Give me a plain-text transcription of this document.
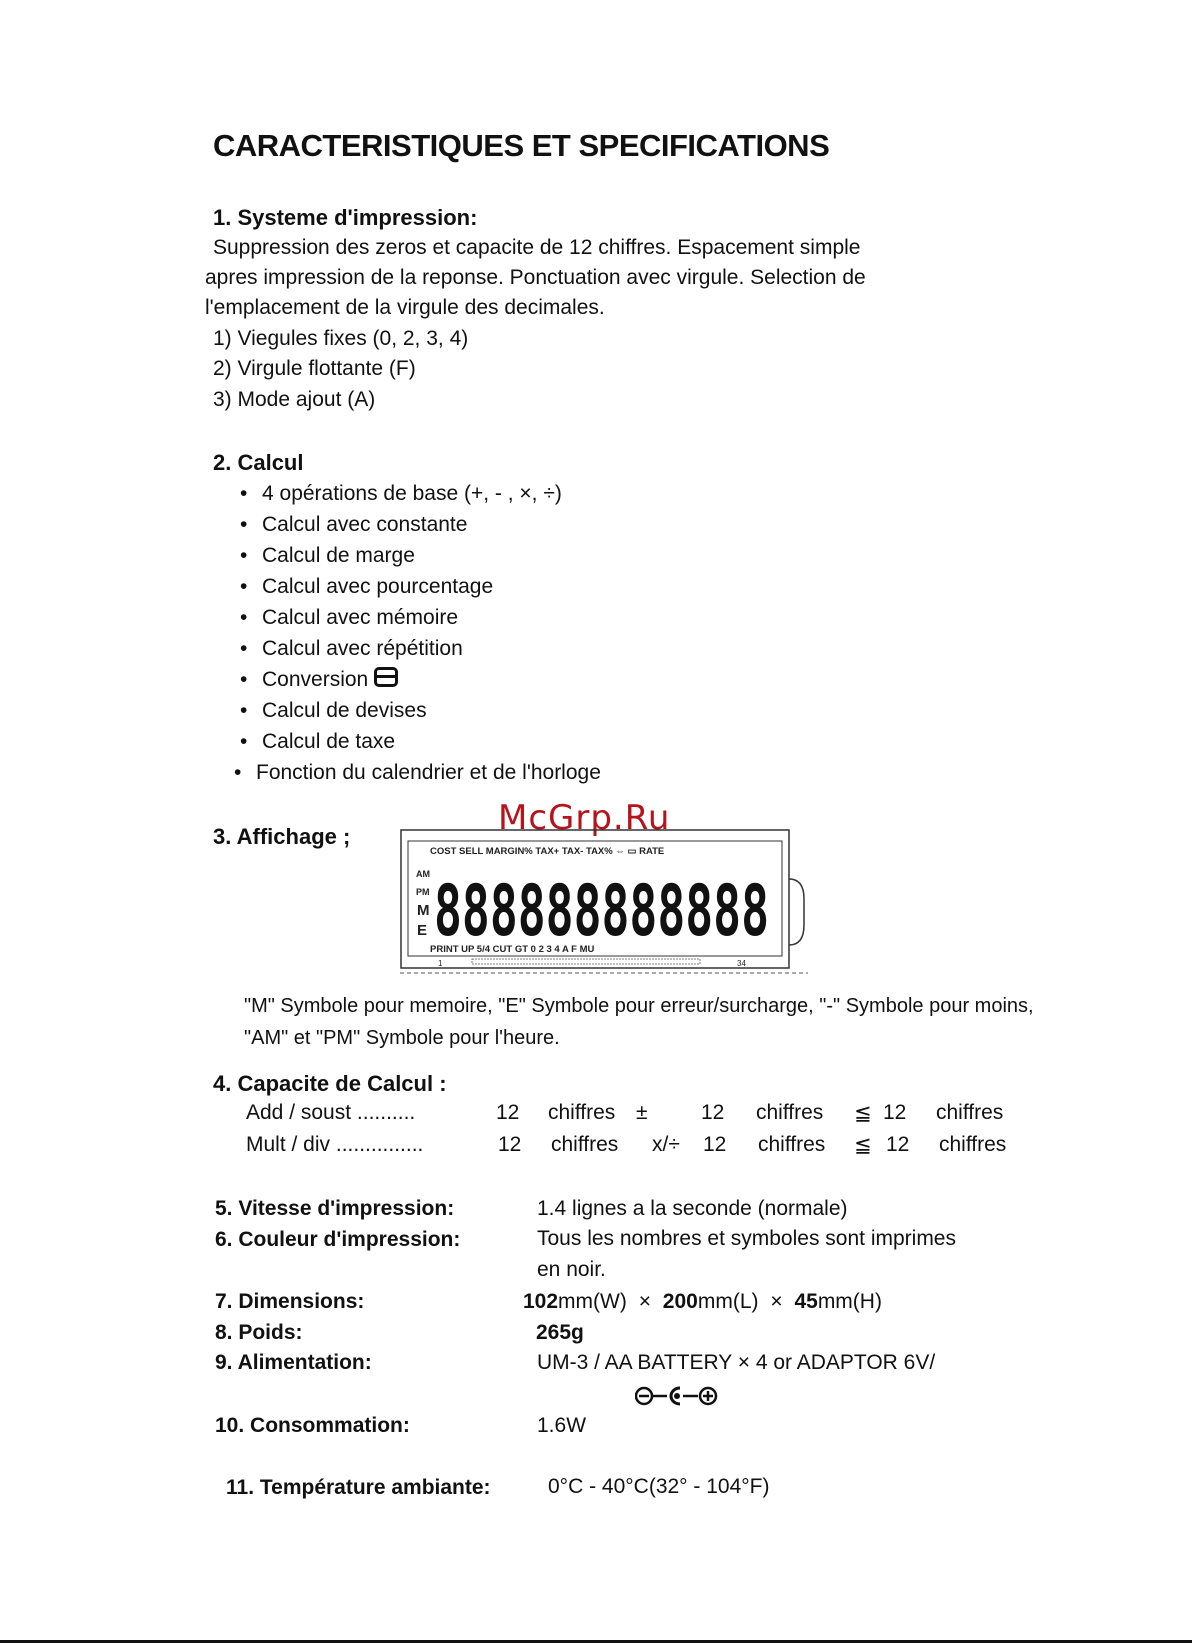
CARACTERISTIQUES ET SPECIFICATIONS
1. Systeme d'impression:
Suppression des zeros et capacite de 12 chiffres. Espacement simple
apres impression de la reponse. Ponctuation avec virgule. Selection de
l'emplacement de la virgule des decimales.
1) Viegules fixes (0, 2, 3, 4)
2) Virgule flottante (F)
3) Mode ajout (A)
2. Calcul
• 4 opérations de base (+, - , ×, ÷)
• Calcul avec constante
• Calcul de marge
• Calcul avec pourcentage
• Calcul avec mémoire
• Calcul avec répétition
• Conversion
• Calcul de devises
• Calcul de taxe
• Fonction du calendrier et de l'horloge
McGrp.Ru
3. Affichage ;
COST SELL MARGIN% TAX+ TAX- TAX% ⇔ ▭ RATE
AM
PM
M
E 888888888888
PRINT UP 5/4 CUT GT 0 2 3 4 A F MU
1	34
"M" Symbole pour memoire, "E" Symbole pour erreur/surcharge, "-" Symbole pour moins, "AM" et "PM" Symbole pour l'heure.
4. Capacite de Calcul :
Add / soust ..........	12 chiffres ±	12 chiffres ≦ 12 chiffres
Mult / div ...............	12 chiffres x/÷ 12 chiffres ≦ 12 chiffres
5. Vitesse d'impression:	1.4 lignes a la seconde (normale)
6. Couleur d'impression:	Tous les nombres et symboles sont imprimes
en noir.
7. Dimensions:	102mm(W) × 200mm(L) × 45mm(H)
8. Poids:	265g
9. Alimentation:	UM-3 / AA BATTERY × 4 or ADAPTOR 6V/
10. Consommation:	1.6W
11. Température ambiante:	0°C - 40°C(32° - 104°F)
